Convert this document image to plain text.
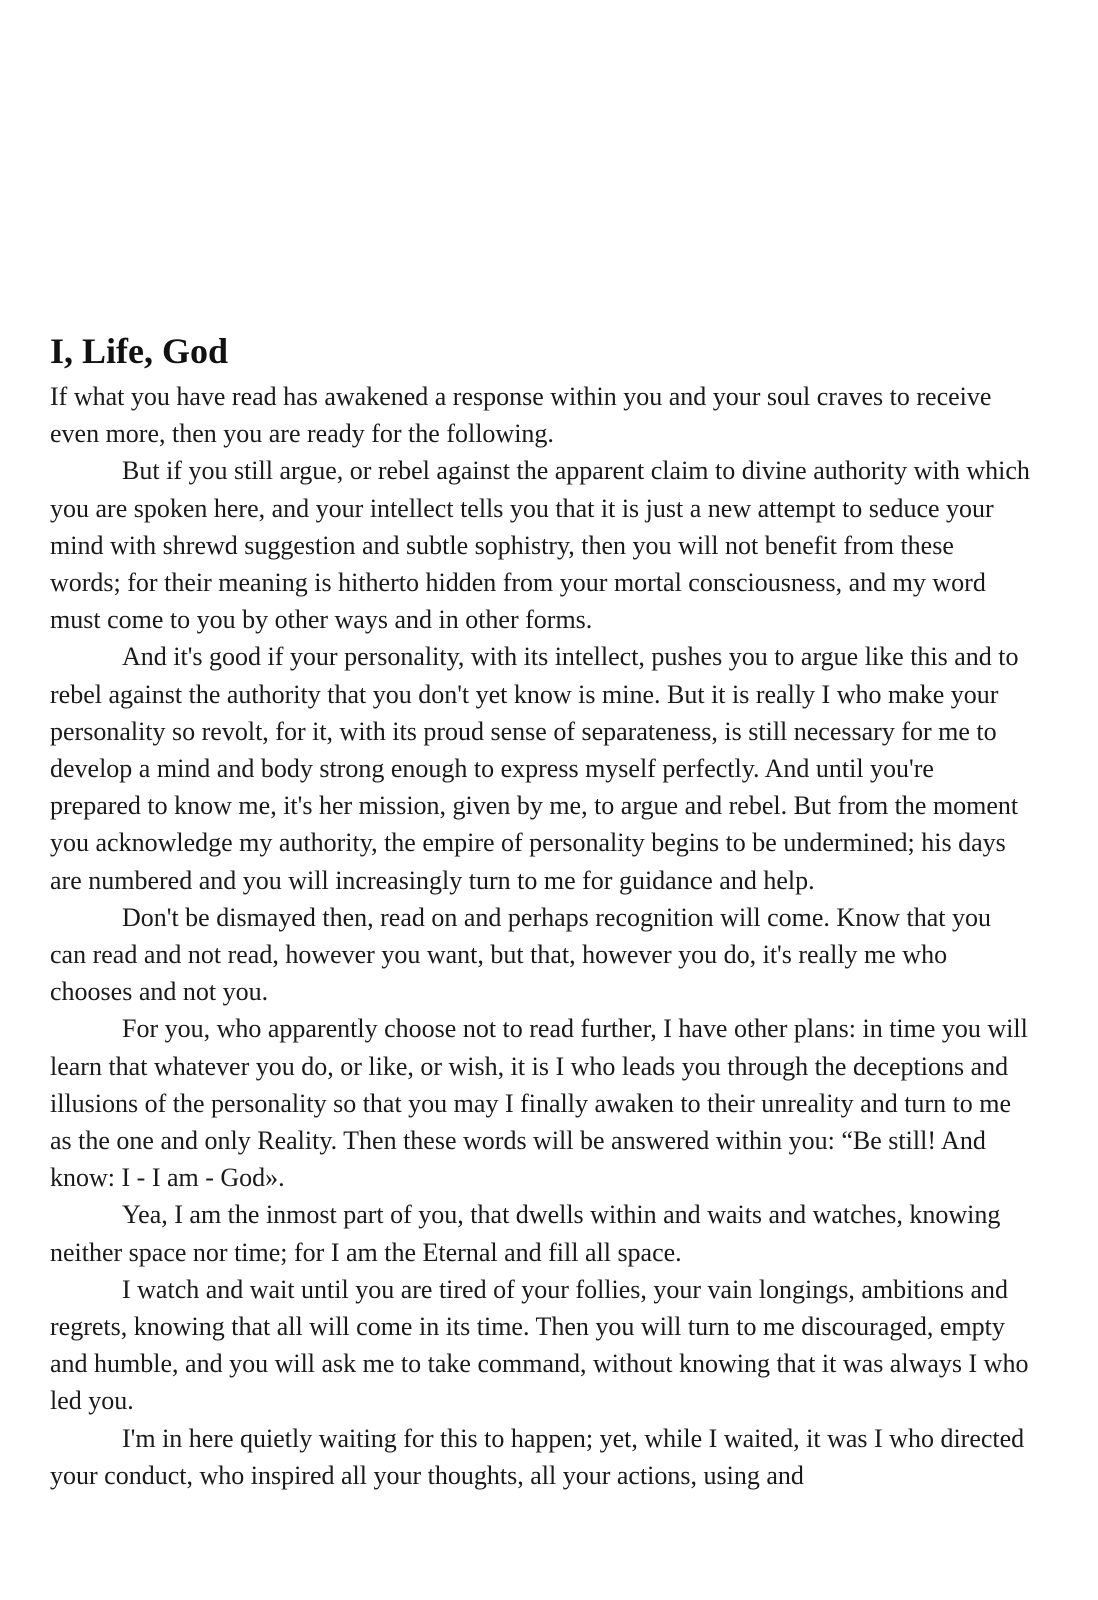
I, Life, God

If what you have read has awakened a response within you and your soul craves to receive even more, then you are ready for the following.

But if you still argue, or rebel against the apparent claim to divine authority with which you are spoken here, and your intellect tells you that it is just a new attempt to seduce your mind with shrewd suggestion and subtle sophistry, then you will not benefit from these words; for their meaning is hitherto hidden from your mortal consciousness, and my word must come to you by other ways and in other forms.

And it's good if your personality, with its intellect, pushes you to argue like this and to rebel against the authority that you don't yet know is mine. But it is really I who make your personality so revolt, for it, with its proud sense of separateness, is still necessary for me to develop a mind and body strong enough to express myself perfectly. And until you're prepared to know me, it's her mission, given by me, to argue and rebel. But from the moment you acknowledge my authority, the empire of personality begins to be undermined; his days are numbered and you will increasingly turn to me for guidance and help.

Don't be dismayed then, read on and perhaps recognition will come. Know that you can read and not read, however you want, but that, however you do, it's really me who chooses and not you.

For you, who apparently choose not to read further, I have other plans: in time you will learn that whatever you do, or like, or wish, it is I who leads you through the deceptions and illusions of the personality so that you may I finally awaken to their unreality and turn to me as the one and only Reality. Then these words will be answered within you: “Be still! And know: I - I am - God».

Yea, I am the inmost part of you, that dwells within and waits and watches, knowing neither space nor time; for I am the Eternal and fill all space.

I watch and wait until you are tired of your follies, your vain longings, ambitions and regrets, knowing that all will come in its time. Then you will turn to me discouraged, empty and humble, and you will ask me to take command, without knowing that it was always I who led you.

I'm in here quietly waiting for this to happen; yet, while I waited, it was I who directed your conduct, who inspired all your thoughts, all your actions, using and
